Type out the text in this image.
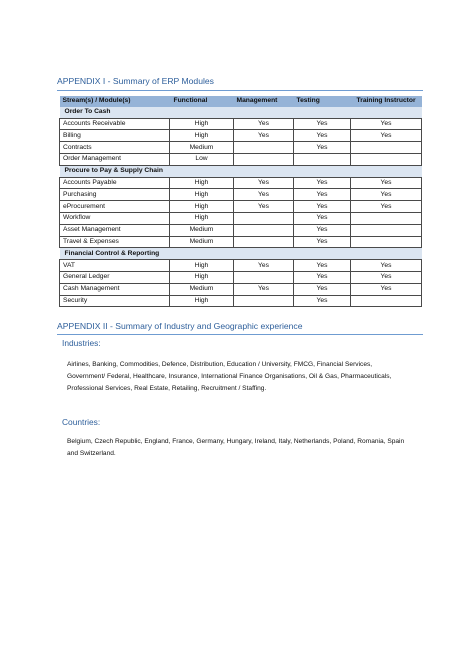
APPENDIX I - Summary of ERP Modules
Stream(s) / Module(s)	Functional	Management	Testing	Training Instructor
Order To Cash				
Accounts Receivable	High	Yes	Yes	Yes
Billing	High	Yes	Yes	Yes
Contracts	Medium		Yes	
Order Management	Low			
Procure to Pay & Supply Chain				
Accounts Payable	High	Yes	Yes	Yes
Purchasing	High	Yes	Yes	Yes
eProcurement	High	Yes	Yes	Yes
Workflow	High		Yes	
Asset Management	Medium		Yes	
Travel & Expenses	Medium		Yes	
Financial Control & Reporting				
VAT	High	Yes	Yes	Yes
General Ledger	High		Yes	Yes
Cash Management	Medium	Yes	Yes	Yes
Security	High		Yes	
APPENDIX II - Summary of Industry and Geographic experience
Industries:
Airlines, Banking, Commodities, Defence, Distribution, Education / University, FMCG, Financial Services, Government/ Federal, Healthcare, Insurance, International Finance Organisations, Oil & Gas, Pharmaceuticals, Professional Services, Real Estate, Retailing, Recruitment / Staffing.
Countries:
Belgium, Czech Republic, England, France, Germany, Hungary, Ireland, Italy, Netherlands, Poland, Romania, Spain and Switzerland.
